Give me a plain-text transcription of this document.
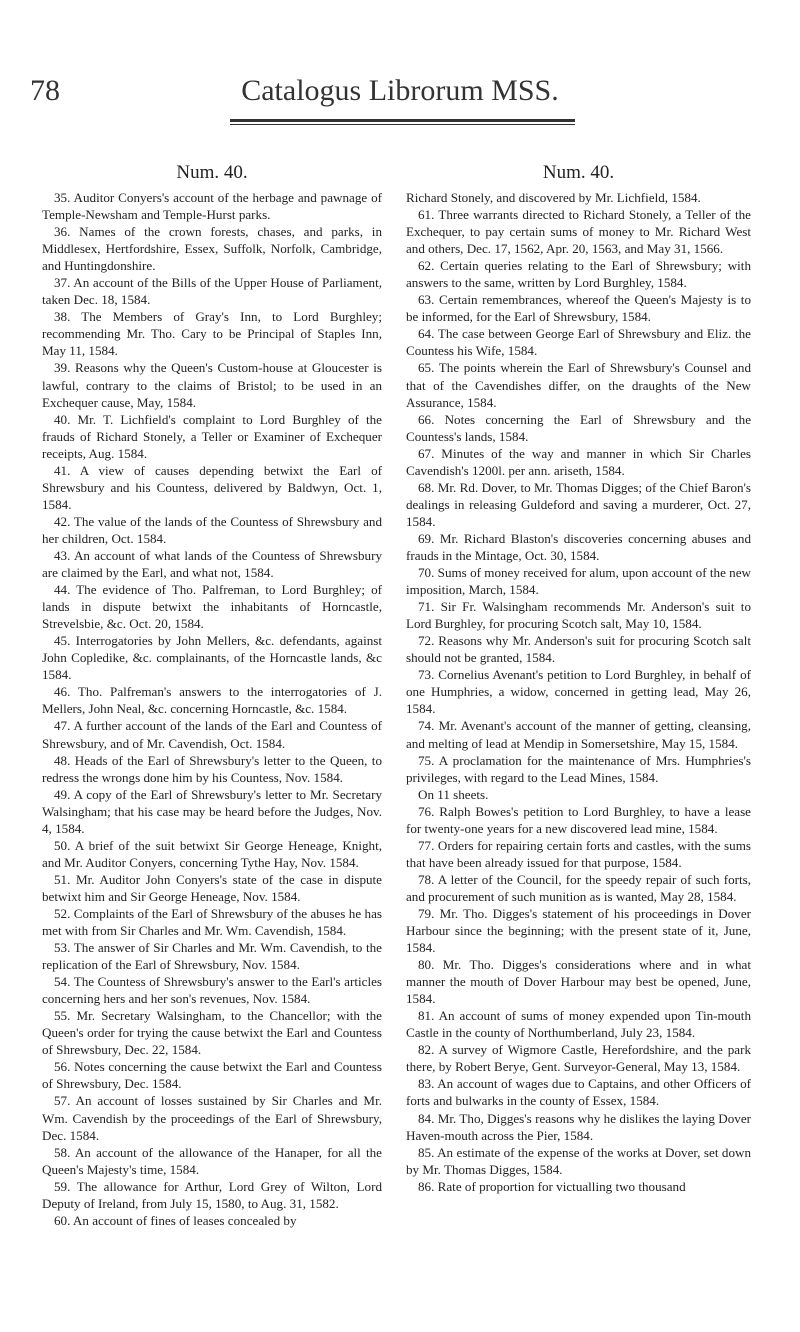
78	Catalogus Librorum MSS.
Num. 40.

35. Auditor Conyers's account of the herbage and pawnage of Temple-Newsham and Temple-Hurst parks.

36. Names of the crown forests, chases, and parks, in Middlesex, Hertfordshire, Essex, Suffolk, Norfolk, Cambridge, and Huntingdonshire.

37. An account of the Bills of the Upper House of Parliament, taken Dec. 18, 1584.

38. The Members of Gray's Inn, to Lord Burghley; recommending Mr. Tho. Cary to be Principal of Staples Inn, May 11, 1584.

39. Reasons why the Queen's Custom-house at Gloucester is lawful, contrary to the claims of Bristol; to be used in an Exchequer cause, May, 1584.

40. Mr. T. Lichfield's complaint to Lord Burghley of the frauds of Richard Stonely, a Teller or Examiner of Exchequer receipts, Aug. 1584.

41. A view of causes depending betwixt the Earl of Shrewsbury and his Countess, delivered by Baldwyn, Oct. 1, 1584.

42. The value of the lands of the Countess of Shrewsbury and her children, Oct. 1584.

43. An account of what lands of the Countess of Shrewsbury are claimed by the Earl, and what not, 1584.

44. The evidence of Tho. Palfreman, to Lord Burghley; of lands in dispute betwixt the inhabitants of Horncastle, Strevelsbie, &c. Oct. 20, 1584.

45. Interrogatories by John Mellers, &c. defendants, against John Copledike, &c. complainants, of the Horncastle lands, &c 1584.

46. Tho. Palfreman's answers to the interrogatories of J. Mellers, John Neal, &c. concerning Horncastle, &c. 1584.

47. A further account of the lands of the Earl and Countess of Shrewsbury, and of Mr. Cavendish, Oct. 1584.

48. Heads of the Earl of Shrewsbury's letter to the Queen, to redress the wrongs done him by his Countess, Nov. 1584.

49. A copy of the Earl of Shrewsbury's letter to Mr. Secretary Walsingham; that his case may be heard before the Judges, Nov. 4, 1584.

50. A brief of the suit betwixt Sir George Heneage, Knight, and Mr. Auditor Conyers, concerning Tythe Hay, Nov. 1584.

51. Mr. Auditor John Conyers's state of the case in dispute betwixt him and Sir George Heneage, Nov. 1584.

52. Complaints of the Earl of Shrewsbury of the abuses he has met with from Sir Charles and Mr. Wm. Cavendish, 1584.

53. The answer of Sir Charles and Mr. Wm. Cavendish, to the replication of the Earl of Shrewsbury, Nov. 1584.

54. The Countess of Shrewsbury's answer to the Earl's articles concerning hers and her son's revenues, Nov. 1584.

55. Mr. Secretary Walsingham, to the Chancellor; with the Queen's order for trying the cause betwixt the Earl and Countess of Shrewsbury, Dec. 22, 1584.

56. Notes concerning the cause betwixt the Earl and Countess of Shrewsbury, Dec. 1584.

57. An account of losses sustained by Sir Charles and Mr. Wm. Cavendish by the proceedings of the Earl of Shrewsbury, Dec. 1584.

58. An account of the allowance of the Hanaper, for all the Queen's Majesty's time, 1584.

59. The allowance for Arthur, Lord Grey of Wilton, Lord Deputy of Ireland, from July 15, 1580, to Aug. 31, 1582.

60. An account of fines of leases concealed by

Num. 40.

Richard Stonely, and discovered by Mr. Lichfield, 1584.

61. Three warrants directed to Richard Stonely, a Teller of the Exchequer, to pay certain sums of money to Mr. Richard West and others, Dec. 17, 1562, Apr. 20, 1563, and May 31, 1566.

62. Certain queries relating to the Earl of Shrewsbury; with answers to the same, written by Lord Burghley, 1584.

63. Certain remembrances, whereof the Queen's Majesty is to be informed, for the Earl of Shrewsbury, 1584.

64. The case between George Earl of Shrewsbury and Eliz. the Countess his Wife, 1584.

65. The points wherein the Earl of Shrewsbury's Counsel and that of the Cavendishes differ, on the draughts of the New Assurance, 1584.

66. Notes concerning the Earl of Shrewsbury and the Countess's lands, 1584.

67. Minutes of the way and manner in which Sir Charles Cavendish's 1200l. per ann. ariseth, 1584.

68. Mr. Rd. Dover, to Mr. Thomas Digges; of the Chief Baron's dealings in releasing Guldeford and saving a murderer, Oct. 27, 1584.

69. Mr. Richard Blaston's discoveries concerning abuses and frauds in the Mintage, Oct. 30, 1584.

70. Sums of money received for alum, upon account of the new imposition, March, 1584.

71. Sir Fr. Walsingham recommends Mr. Anderson's suit to Lord Burghley, for procuring Scotch salt, May 10, 1584.

72. Reasons why Mr. Anderson's suit for procuring Scotch salt should not be granted, 1584.

73. Cornelius Avenant's petition to Lord Burghley, in behalf of one Humphries, a widow, concerned in getting lead, May 26, 1584.

74. Mr. Avenant's account of the manner of getting, cleansing, and melting of lead at Mendip in Somersetshire, May 15, 1584.

75. A proclamation for the maintenance of Mrs. Humphries's privileges, with regard to the Lead Mines, 1584.

On 11 sheets.

76. Ralph Bowes's petition to Lord Burghley, to have a lease for twenty-one years for a new discovered lead mine, 1584.

77. Orders for repairing certain forts and castles, with the sums that have been already issued for that purpose, 1584.

78. A letter of the Council, for the speedy repair of such forts, and procurement of such munition as is wanted, May 28, 1584.

79. Mr. Tho. Digges's statement of his proceedings in Dover Harbour since the beginning; with the present state of it, June, 1584.

80. Mr. Tho. Digges's considerations where and in what manner the mouth of Dover Harbour may best be opened, June, 1584.

81. An account of sums of money expended upon Tin-mouth Castle in the county of Northumberland, July 23, 1584.

82. A survey of Wigmore Castle, Herefordshire, and the park there, by Robert Berye, Gent. Surveyor-General, May 13, 1584.

83. An account of wages due to Captains, and other Officers of forts and bulwarks in the county of Essex, 1584.

84. Mr. Tho, Digges's reasons why he dislikes the laying Dover Haven-mouth across the Pier, 1584.

85. An estimate of the expense of the works at Dover, set down by Mr. Thomas Digges, 1584.

86. Rate of proportion for victualling two thousand
